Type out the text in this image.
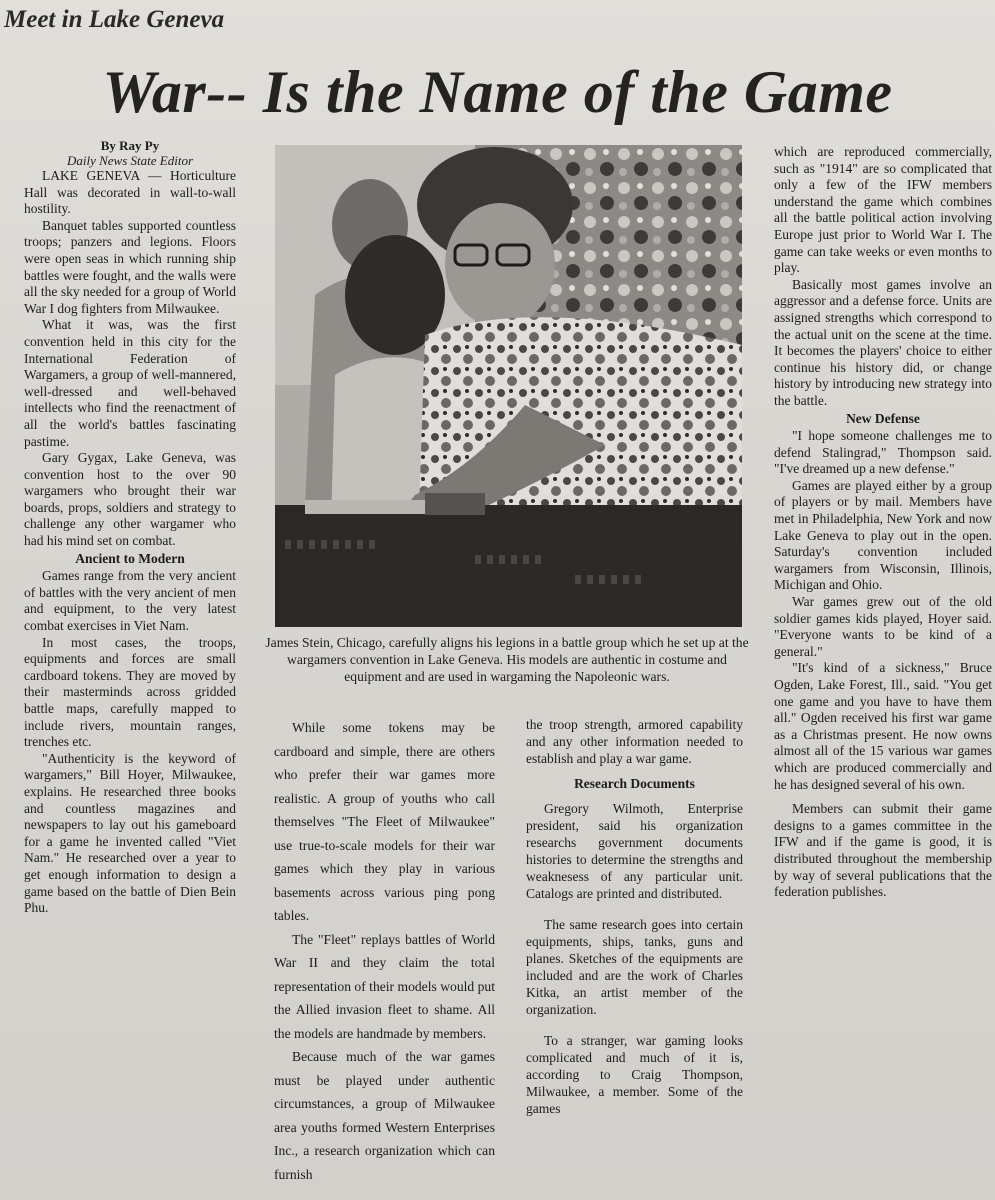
Meet in Lake Geneva
War-- Is the Name of the Game
By Ray Py
Daily News State Editor

LAKE GENEVA — Horticulture Hall was decorated in wall-to-wall hostility.

Banquet tables supported countless troops; panzers and legions. Floors were open seas in which running ship battles were fought, and the walls were all the sky needed for a group of World War I dog fighters from Milwaukee.

What it was, was the first convention held in this city for the International Federation of Wargamers, a group of well-mannered, well-dressed and well-behaved intellects who find the reenactment of all the world's battles fascinating pastime.

Gary Gygax, Lake Geneva, was convention host to the over 90 wargamers who brought their war boards, props, soldiers and strategy to challenge any other wargamer who had his mind set on combat.

Ancient to Modern

Games range from the very ancient of battles with the very ancient of men and equipment, to the very latest combat exercises in Viet Nam.

In most cases, the troops, equipments and forces are small cardboard tokens. They are moved by their masterminds across gridded battle maps, carefully mapped to include rivers, mountain ranges, trenches etc.

"Authenticity is the keyword of wargamers," Bill Hoyer, Milwaukee, explains. He researched three books and countless magazines and newspapers to lay out his gameboard for a game he invented called "Viet Nam." He researched over a year to get enough information to design a game based on the battle of Dien Bein Phu.

James Stein, Chicago, carefully aligns his legions in a battle group which he set up at the wargamers convention in Lake Geneva. His models are authentic in costume and equipment and are used in wargaming the Napoleonic wars.

While some tokens may be cardboard and simple, there are others who prefer their war games more realistic. A group of youths who call themselves "The Fleet of Milwaukee" use true-to-scale models for their war games which they play in various basements across various ping pong tables.

The "Fleet" replays battles of World War II and they claim the total representation of their models would put the Allied invasion fleet to shame. All the models are handmade by members.

Because much of the war games must be played under authentic circumstances, a group of Milwaukee area youths formed Western Enterprises Inc., a research organization which can furnish

the troop strength, armored capability and any other information needed to establish and play a war game.

Research Documents

Gregory Wilmoth, Enterprise president, said his organization researchs government documents histories to determine the strengths and weaknesess of any particular unit. Catalogs are printed and distributed.

The same research goes into certain equipments, ships, tanks, guns and planes. Sketches of the equipments are included and are the work of Charles Kitka, an artist member of the organization.

To a stranger, war gaming looks complicated and much of it is, according to Craig Thompson, Milwaukee, a member. Some of the games

which are reproduced commercially, such as "1914" are so complicated that only a few of the IFW members understand the game which combines all the battle political action involving Europe just prior to World War I. The game can take weeks or even months to play.

Basically most games involve an aggressor and a defense force. Units are assigned strengths which correspond to the actual unit on the scene at the time. It becomes the players' choice to either continue his history did, or change history by introducing new strategy into the battle.

New Defense

"I hope someone challenges me to defend Stalingrad," Thompson said. "I've dreamed up a new defense."

Games are played either by a group of players or by mail. Members have met in Philadelphia, New York and now Lake Geneva to play out in the open. Saturday's convention included wargamers from Wisconsin, Illinois, Michigan and Ohio.

War games grew out of the old soldier games kids played, Hoyer said. "Everyone wants to be kind of a general."

"It's kind of a sickness," Bruce Ogden, Lake Forest, Ill., said. "You get one game and you have to have them all." Ogden received his first war game as a Christmas present. He now owns almost all of the 15 various war games which are produced commercially and he has designed several of his own.

Members can submit their game designs to a games committee in the IFW and if the game is good, it is distributed throughout the membership by way of several publications that the federation publishes.
